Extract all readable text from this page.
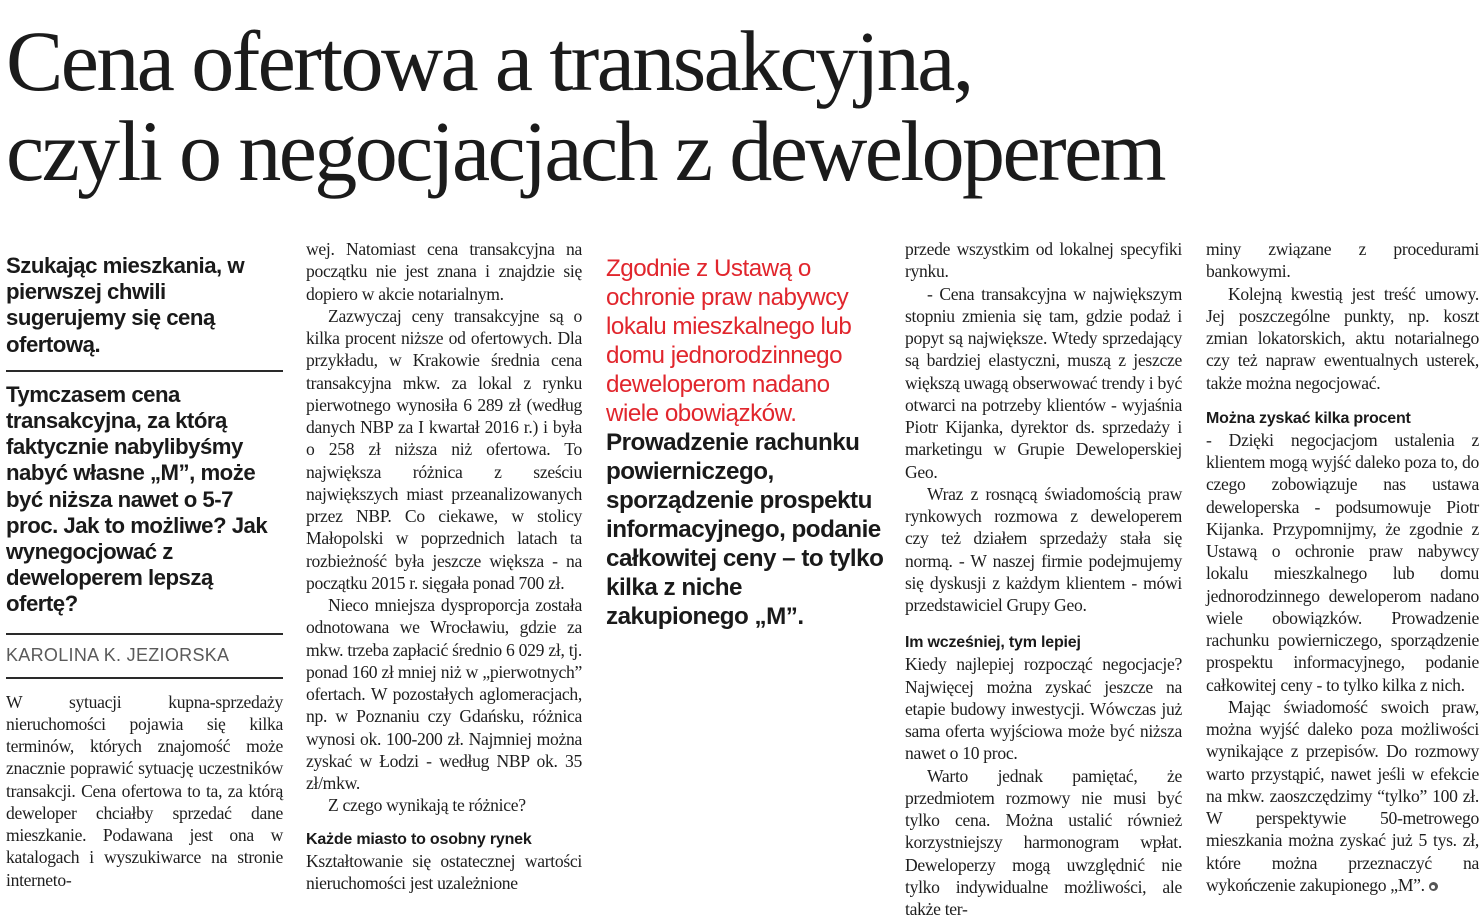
Cena ofertowa a transakcyjna,
czyli o negocjacjach z deweloperem

Szukając mieszkania, w pierwszej chwili sugerujemy się ceną ofertową.

Tymczasem cena transakcyjna, za którą faktycznie nabylibyśmy nabyć własne „M”, może być niższa nawet o 5-7 proc. Jak to możliwe? Jak wynegocjować z deweloperem lepszą ofertę?

KAROLINA K. JEZIORSKA

W sytuacji kupna-sprzedaży nieruchomości pojawia się kilka terminów, których znajomość może znacznie poprawić sytuację uczestników transakcji. Cena ofertowa to ta, za którą deweloper chciałby sprzedać dane mieszkanie. Podawana jest ona w katalogach i wyszukiwarce na stronie interneto-

wej. Natomiast cena transakcyjna na początku nie jest znana i znajdzie się dopiero w akcie notarialnym.

Zazwyczaj ceny transakcyjne są o kilka procent niższe od ofertowych. Dla przykładu, w Krakowie średnia cena transakcyjna mkw. za lokal z rynku pierwotnego wynosiła 6 289 zł (według danych NBP za I kwartał 2016 r.) i była o 258 zł niższa niż ofertowa. To największa różnica z sześciu największych miast przeanalizowanych przez NBP. Co ciekawe, w stolicy Małopolski w poprzednich latach ta rozbieżność była jeszcze większa - na początku 2015 r. sięgała ponad 700 zł.

Nieco mniejsza dysproporcja została odnotowana we Wrocławiu, gdzie za mkw. trzeba zapłacić średnio 6 029 zł, tj. ponad 160 zł mniej niż w „pierwotnych” ofertach. W pozostałych aglomeracjach, np. w Poznaniu czy Gdańsku, różnica wynosi ok. 100-200 zł. Najmniej można zyskać w Łodzi - według NBP ok. 35 zł/mkw.

Z czego wynikają te różnice?

Każde miasto to osobny rynek

Kształtowanie się ostatecznej wartości nieruchomości jest uzależnione

Zgodnie z Ustawą o ochronie praw nabywcy lokalu mieszkalnego lub domu jednorodzinnego deweloperom nadano wiele obowiązków. Prowadzenie rachunku powierniczego, sporządzenie prospektu informacyjnego, podanie całkowitej ceny – to tylko kilka z niche zakupionego „M”.

przede wszystkim od lokalnej specyfiki rynku.

- Cena transakcyjna w największym stopniu zmienia się tam, gdzie podaż i popyt są największe. Wtedy sprzedający są bardziej elastyczni, muszą z jeszcze większą uwagą obserwować trendy i być otwarci na potrzeby klientów - wyjaśnia Piotr Kijanka, dyrektor ds. sprzedaży i marketingu w Grupie Deweloperskiej Geo.

Wraz z rosnącą świadomością praw rynkowych rozmowa z deweloperem czy też działem sprzedaży stała się normą. - W naszej firmie podejmujemy się dyskusji z każdym klientem - mówi przedstawiciel Grupy Geo.

Im wcześniej, tym lepiej

Kiedy najlepiej rozpocząć negocjacje? Najwięcej można zyskać jeszcze na etapie budowy inwestycji. Wówczas już sama oferta wyjściowa może być niższa nawet o 10 proc.

Warto jednak pamiętać, że przedmiotem rozmowy nie musi być tylko cena. Można ustalić również korzystniejszy harmonogram wpłat. Deweloperzy mogą uwzględnić nie tylko indywidualne możliwości, ale także ter-

miny związane z procedurami bankowymi.

Kolejną kwestią jest treść umowy. Jej poszczególne punkty, np. koszt zmian lokatorskich, aktu notarialnego czy też napraw ewentualnych usterek, także można negocjować.

Można zyskać kilka procent

- Dzięki negocjacjom ustalenia z klientem mogą wyjść daleko poza to, do czego zobowiązuje nas ustawa deweloperska - podsumowuje Piotr Kijanka. Przypomnijmy, że zgodnie z Ustawą o ochronie praw nabywcy lokalu mieszkalnego lub domu jednorodzinnego deweloperom nadano wiele obowiązków. Prowadzenie rachunku powierniczego, sporządzenie prospektu informacyjnego, podanie całkowitej ceny - to tylko kilka z nich.

Mając świadomość swoich praw, można wyjść daleko poza możliwości wynikające z przepisów. Do rozmowy warto przystąpić, nawet jeśli w efekcie na mkw. zaoszczędzimy “tylko” 100 zł. W perspektywie 50-metrowego mieszkania można zyskać już 5 tys. zł, które można przeznaczyć na wykończenie zakupionego „M”.
